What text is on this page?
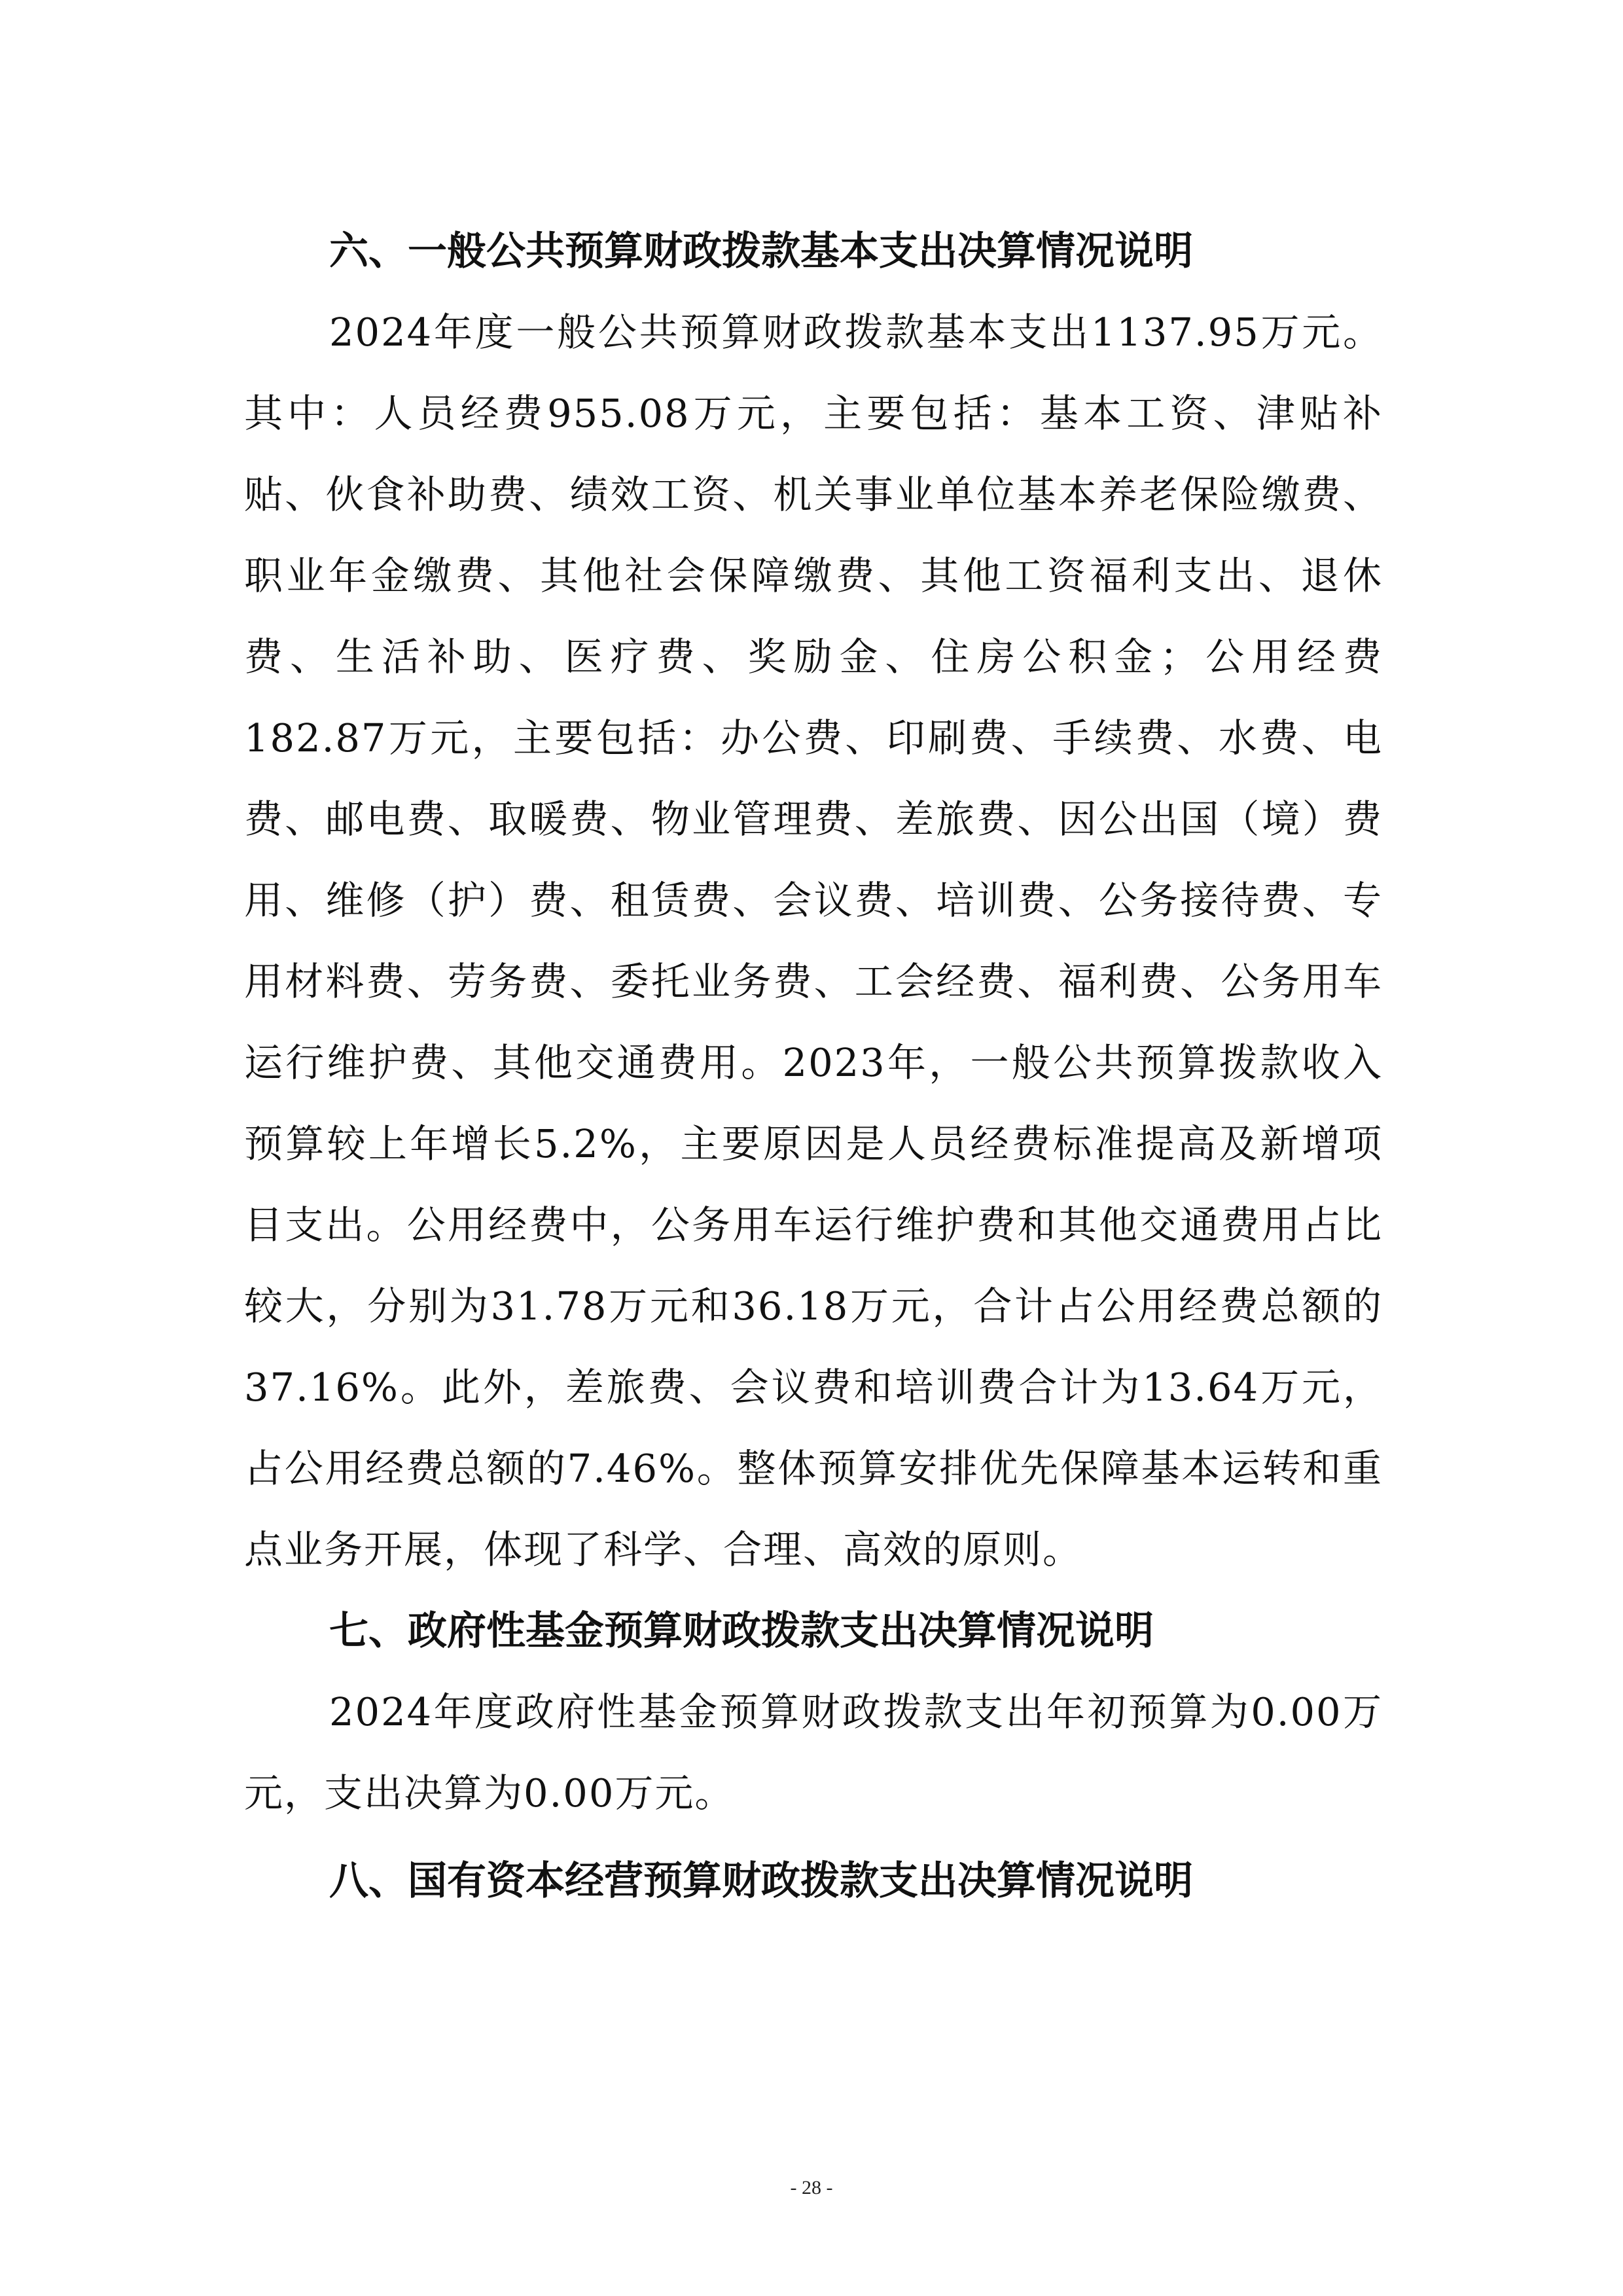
六、一般公共预算财政拨款基本支出决算情况说明

2024年度一般公共预算财政拨款基本支出1137.95万元。其中：人员经费955.08万元，主要包括：基本工资、津贴补贴、伙食补助费、绩效工资、机关事业单位基本养老保险缴费、职业年金缴费、其他社会保障缴费、其他工资福利支出、退休费、生活补助、医疗费、奖励金、住房公积金；公用经费182.87万元，主要包括：办公费、印刷费、手续费、水费、电费、邮电费、取暖费、物业管理费、差旅费、因公出国（境）费用、维修（护）费、租赁费、会议费、培训费、公务接待费、专用材料费、劳务费、委托业务费、工会经费、福利费、公务用车运行维护费、其他交通费用。2023年，一般公共预算拨款收入预算较上年增长5.2%，主要原因是人员经费标准提高及新增项目支出。公用经费中，公务用车运行维护费和其他交通费用占比较大，分别为31.78万元和36.18万元，合计占公用经费总额的37.16%。此外，差旅费、会议费和培训费合计为13.64万元，占公用经费总额的7.46%。整体预算安排优先保障基本运转和重点业务开展，体现了科学、合理、高效的原则。

七、政府性基金预算财政拨款支出决算情况说明

2024年度政府性基金预算财政拨款支出年初预算为0.00万元，支出决算为0.00万元。

八、国有资本经营预算财政拨款支出决算情况说明
- 28 -
